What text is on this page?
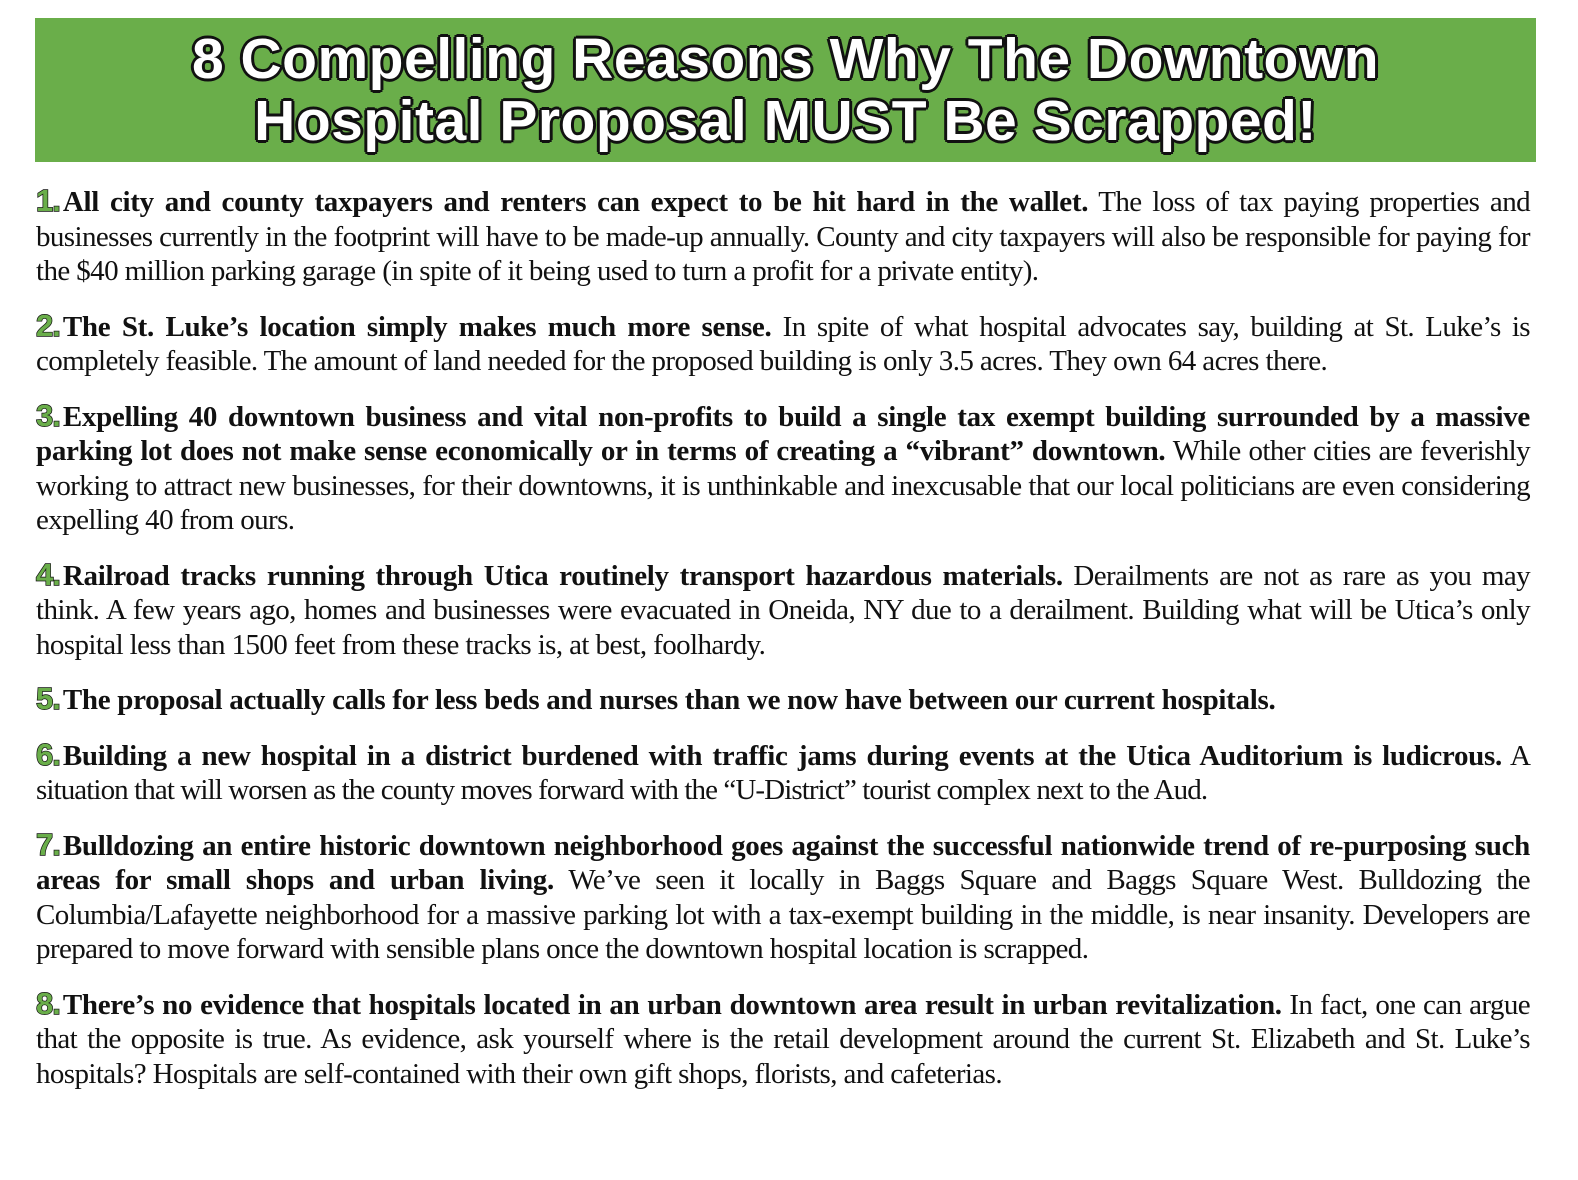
8 Compelling Reasons Why The Downtown
Hospital Proposal MUST Be Scrapped!

1. All city and county taxpayers and renters can expect to be hit hard in the wallet. The loss of tax paying properties and businesses currently in the footprint will have to be made-up annually. County and city taxpayers will also be responsible for paying for the $40 million parking garage (in spite of it being used to turn a profit for a private entity).

2. The St. Luke’s location simply makes much more sense. In spite of what hospital advocates say, building at St. Luke’s is completely feasible. The amount of land needed for the proposed building is only 3.5 acres. They own 64 acres there.

3. Expelling 40 downtown business and vital non-profits to build a single tax exempt building surrounded by a massive parking lot does not make sense economically or in terms of creating a “vibrant” downtown. While other cities are feverishly working to attract new businesses, for their downtowns, it is unthinkable and inexcusable that our local politicians are even considering expelling 40 from ours.

4. Railroad tracks running through Utica routinely transport hazardous materials. Derailments are not as rare as you may think. A few years ago, homes and businesses were evacuated in Oneida, NY due to a derailment. Building what will be Utica’s only hospital less than 1500 feet from these tracks is, at best, foolhardy.

5. The proposal actually calls for less beds and nurses than we now have between our current hospitals.

6. Building a new hospital in a district burdened with traffic jams during events at the Utica Auditorium is ludicrous. A situation that will worsen as the county moves forward with the “U-District” tourist complex next to the Aud.

7. Bulldozing an entire historic downtown neighborhood goes against the successful nationwide trend of re-purposing such areas for small shops and urban living. We’ve seen it locally in Baggs Square and Baggs Square West. Bulldozing the Columbia/Lafayette neighborhood for a massive parking lot with a tax-exempt building in the middle, is near insanity. Developers are prepared to move forward with sensible plans once the downtown hospital location is scrapped.

8. There’s no evidence that hospitals located in an urban downtown area result in urban revitalization. In fact, one can argue that the opposite is true. As evidence, ask yourself where is the retail development around the current St. Elizabeth and St. Luke’s hospitals? Hospitals are self-contained with their own gift shops, florists, and cafeterias.
